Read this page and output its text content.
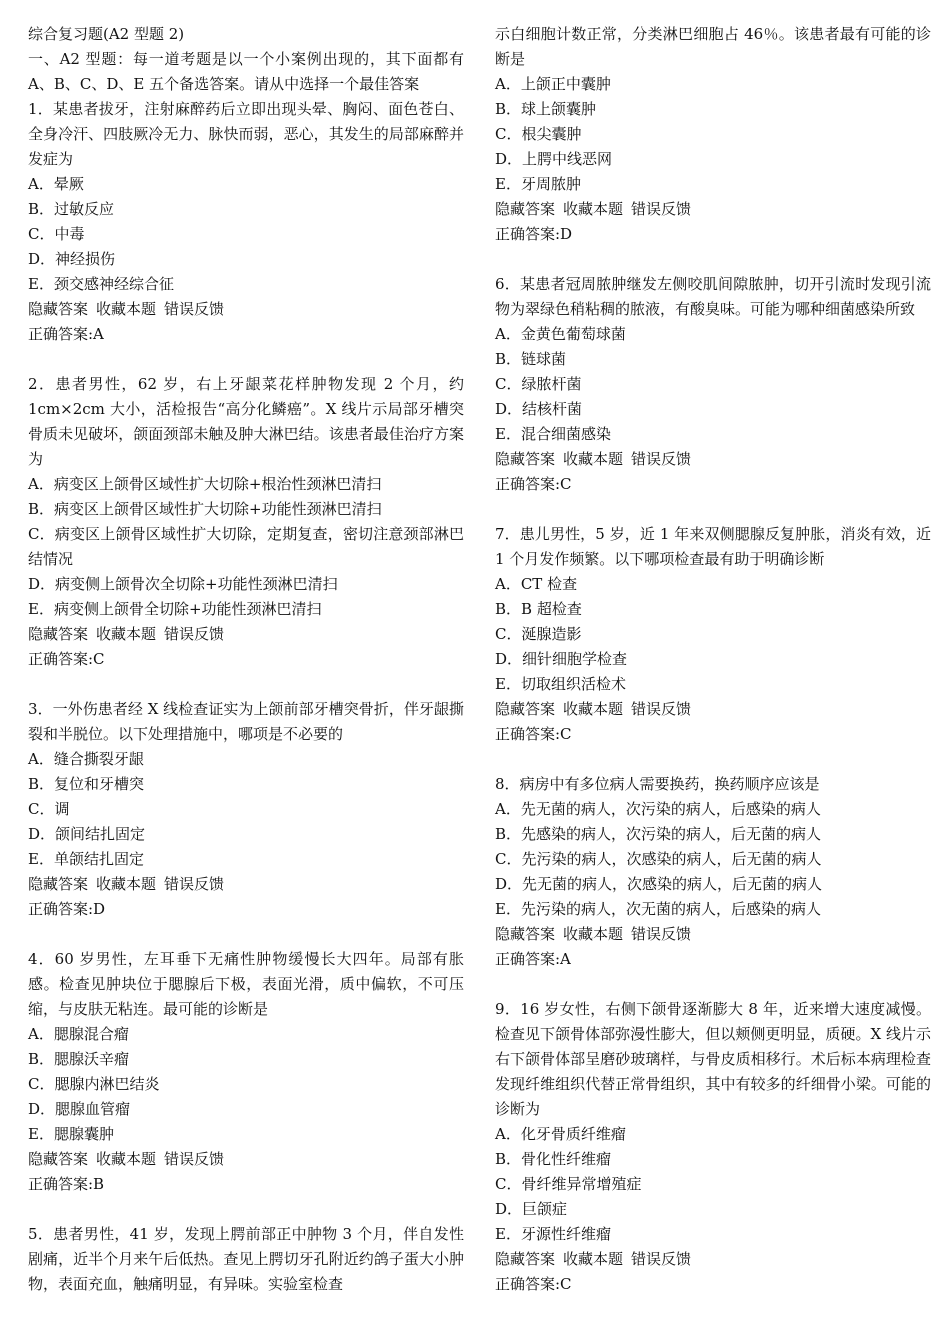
综合复习题(A2 型题 2)
一、A2 型题：每一道考题是以一个小案例出现的，其下面都有 A、B、C、D、E 五个备选答案。请从中选择一个最佳答案
1．某患者拔牙，注射麻醉药后立即出现头晕、胸闷、面色苍白、全身冷汗、四肢厥冷无力、脉快而弱，恶心，其发生的局部麻醉并发症为
A．晕厥
B．过敏反应
C．中毒
D．神经损伤
E．颈交感神经综合征
隐藏答案 收藏本题 错误反馈
正确答案:A
2．患者男性，62 岁，右上牙龈菜花样肿物发现 2 个月，约 1cm×2cm 大小，活检报告“高分化鳞癌”。X 线片示局部牙槽突骨质未见破坏，颌面颈部未触及肿大淋巴结。该患者最佳治疗方案为
A．病变区上颌骨区域性扩大切除+根治性颈淋巴清扫
B．病变区上颌骨区域性扩大切除+功能性颈淋巴清扫
C．病变区上颌骨区域性扩大切除，定期复查，密切注意颈部淋巴结情况
D．病变侧上颌骨次全切除+功能性颈淋巴清扫
E．病变侧上颌骨全切除+功能性颈淋巴清扫
隐藏答案 收藏本题 错误反馈
正确答案:C
3．一外伤患者经 X 线检查证实为上颌前部牙槽突骨折，伴牙龈撕裂和半脱位。以下处理措施中，哪项是不必要的
A．缝合撕裂牙龈
B．复位和牙槽突
C．调
D．颌间结扎固定
E．单颌结扎固定
隐藏答案 收藏本题 错误反馈
正确答案:D
4．60 岁男性，左耳垂下无痛性肿物缓慢长大四年。局部有胀感。检查见肿块位于腮腺后下极，表面光滑，质中偏软，不可压缩，与皮肤无粘连。最可能的诊断是
A．腮腺混合瘤
B．腮腺沃辛瘤
C．腮腺内淋巴结炎
D．腮腺血管瘤
E．腮腺囊肿
隐藏答案 收藏本题 错误反馈
正确答案:B
5．患者男性，41 岁，发现上腭前部正中肿物 3 个月，伴自发性剧痛，近半个月来午后低热。查见上腭切牙孔附近约鸽子蛋大小肿物，表面充血，触痛明显，有异味。实验室检查
示白细胞计数正常，分类淋巴细胞占 46％。该患者最有可能的诊断是
A．上颌正中囊肿
B．球上颌囊肿
C．根尖囊肿
D．上腭中线恶网
E．牙周脓肿
隐藏答案 收藏本题 错误反馈
正确答案:D
6．某患者冠周脓肿继发左侧咬肌间隙脓肿，切开引流时发现引流物为翠绿色稍粘稠的脓液，有酸臭味。可能为哪种细菌感染所致
A．金黄色葡萄球菌
B．链球菌
C．绿脓杆菌
D．结核杆菌
E．混合细菌感染
隐藏答案 收藏本题 错误反馈
正确答案:C
7．患儿男性，5 岁，近 1 年来双侧腮腺反复肿胀，消炎有效，近 1 个月发作频繁。以下哪项检查最有助于明确诊断
A．CT 检查
B．B 超检查
C．涎腺造影
D．细针细胞学检查
E．切取组织活检术
隐藏答案 收藏本题 错误反馈
正确答案:C
8．病房中有多位病人需要换药，换药顺序应该是
A．先无菌的病人，次污染的病人，后感染的病人
B．先感染的病人，次污染的病人，后无菌的病人
C．先污染的病人，次感染的病人，后无菌的病人
D．先无菌的病人，次感染的病人，后无菌的病人
E．先污染的病人，次无菌的病人，后感染的病人
隐藏答案 收藏本题 错误反馈
正确答案:A
9．16 岁女性，右侧下颌骨逐渐膨大 8 年，近来增大速度减慢。检查见下颌骨体部弥漫性膨大，但以颊侧更明显，质硬。X 线片示右下颌骨体部呈磨砂玻璃样，与骨皮质相移行。术后标本病理检查发现纤维组织代替正常骨组织，其中有较多的纤细骨小梁。可能的诊断为
A．化牙骨质纤维瘤
B．骨化性纤维瘤
C．骨纤维异常增殖症
D．巨颌症
E．牙源性纤维瘤
隐藏答案 收藏本题 错误反馈
正确答案:C
